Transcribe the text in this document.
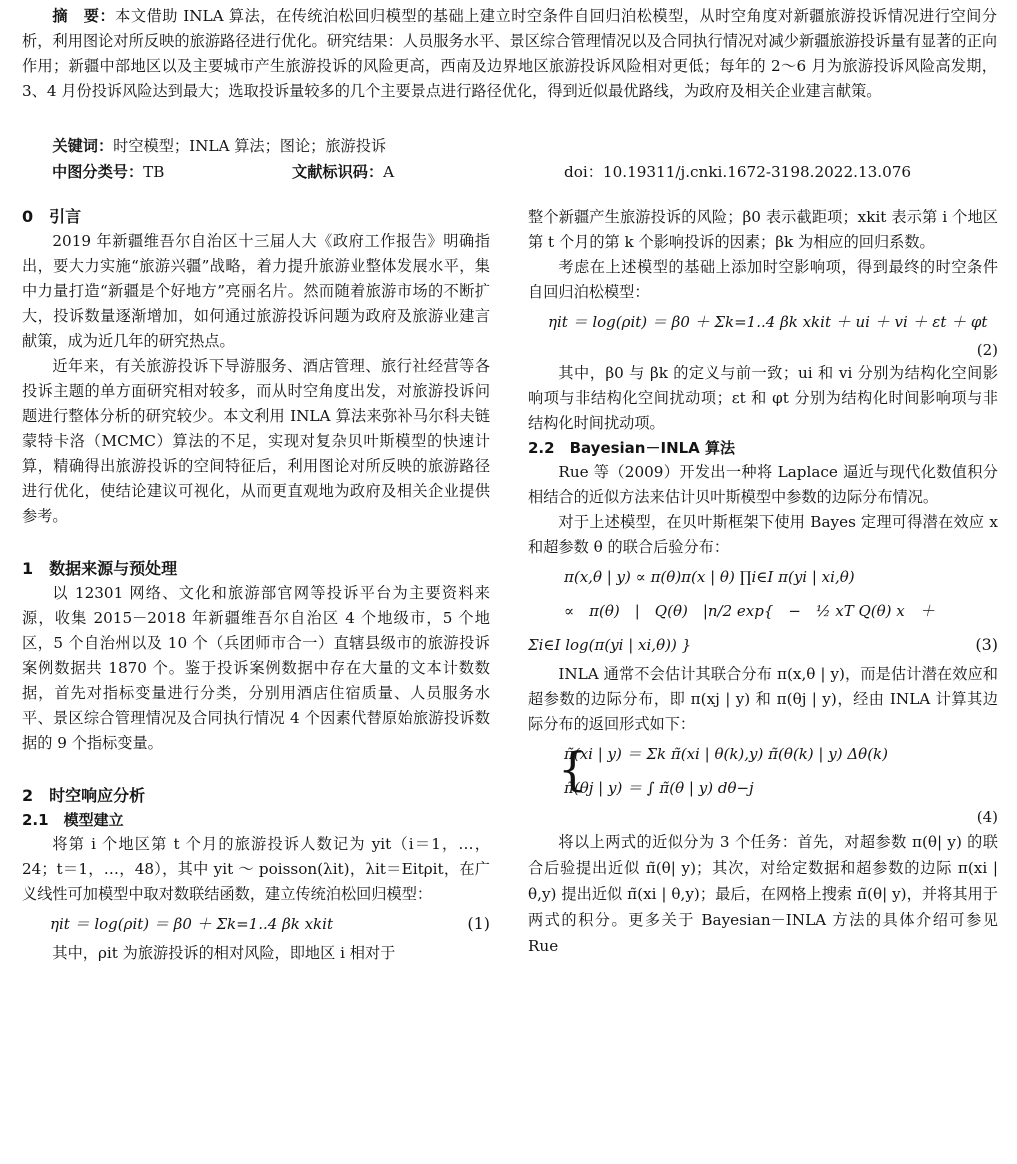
摘　要：本文借助 INLA 算法，在传统泊松回归模型的基础上建立时空条件自回归泊松模型，从时空角度对新疆旅游投诉情况进行空间分析，利用图论对所反映的旅游路径进行优化。研究结果：人员服务水平、景区综合管理情况以及合同执行情况对减少新疆旅游投诉量有显著的正向作用；新疆中部地区以及主要城市产生旅游投诉的风险更高，西南及边界地区旅游投诉风险相对更低；每年的 2～6 月为旅游投诉风险高发期，3、4 月份投诉风险达到最大；选取投诉量较多的几个主要景点进行路径优化，得到近似最优路线，为政府及相关企业建言献策。
关键词：时空模型；INLA 算法；图论；旅游投诉
中图分类号：TB	文献标识码：A	doi：10.19311/j.cnki.1672-3198.2022.13.076
0　引言
2019 年新疆维吾尔自治区十三届人大《政府工作报告》明确指出，要大力实施“旅游兴疆”战略，着力提升旅游业整体发展水平，集中力量打造“新疆是个好地方”亮丽名片。然而随着旅游市场的不断扩大，投诉数量逐渐增加，如何通过旅游投诉问题为政府及旅游业建言献策，成为近几年的研究热点。
近年来，有关旅游投诉下导游服务、酒店管理、旅行社经营等各投诉主题的单方面研究相对较多，而从时空角度出发，对旅游投诉问题进行整体分析的研究较少。本文利用 INLA 算法来弥补马尔科夫链蒙特卡洛（MCMC）算法的不足，实现对复杂贝叶斯模型的快速计算，精确得出旅游投诉的空间特征后，利用图论对所反映的旅游路径进行优化，使结论建议可视化，从而更直观地为政府及相关企业提供参考。
1　数据来源与预处理
以 12301 网络、文化和旅游部官网等投诉平台为主要资料来源，收集 2015－2018 年新疆维吾尔自治区 4 个地级市，5 个地区，5 个自治州以及 10 个（兵团师市合一）直辖县级市的旅游投诉案例数据共 1870 个。鉴于投诉案例数据中存在大量的文本计数数据，首先对指标变量进行分类，分别用酒店住宿质量、人员服务水平、景区综合管理情况及合同执行情况 4 个因素代替原始旅游投诉数据的 9 个指标变量。
2　时空响应分析
2.1　模型建立
将第 i 个地区第 t 个月的旅游投诉人数记为 yit（i＝1，…，24；t＝1，…，48），其中 yit ～ poisson(λit)，λit＝Eitρit，在广义线性可加模型中取对数联结函数，建立传统泊松回归模型：
ηit ＝ log(ρit) ＝ β0 ＋ Σk=1..4 βk xkit	(1)
其中，ρit 为旅游投诉的相对风险，即地区 i 相对于
整个新疆产生旅游投诉的风险；β0 表示截距项；xkit 表示第 i 个地区第 t 个月的第 k 个影响投诉的因素；βk 为相应的回归系数。
考虑在上述模型的基础上添加时空影响项，得到最终的时空条件自回归泊松模型：
ηit ＝ log(ρit) ＝ β0 ＋ Σk=1..4 βk xkit ＋ ui ＋ vi ＋ εt ＋ φt
(2)
其中，β0 与 βk 的定义与前一致；ui 和 vi 分别为结构化空间影响项与非结构化空间扰动项；εt 和 φt 分别为结构化时间影响项与非结构化时间扰动项。
2.2　Bayesian－INLA 算法
Rue 等（2009）开发出一种将 Laplace 逼近与现代化数值积分相结合的近似方法来估计贝叶斯模型中参数的边际分布情况。
对于上述模型，在贝叶斯框架下使用 Bayes 定理可得潜在效应 x 和超参数 θ 的联合后验分布：
π(x,θ | y) ∝ π(θ)π(x | θ) ∏i∈I π(yi | xi,θ)
∝　π(θ)　|　Q(θ)　|n/2 exp{　−　½ xT Q(θ) x　＋
Σi∈I log(π(yi | xi,θ)) }	(3)
INLA 通常不会估计其联合分布 π(x,θ | y)，而是估计潜在效应和超参数的边际分布，即 π(xj | y) 和 π(θj | y)，经由 INLA 计算其边际分布的返回形式如下：
{
π̃(xi | y) ＝ Σk π̃(xi | θ(k),y) π̃(θ(k) | y) Δθ(k)
π̃(θj | y) ＝ ∫ π̃(θ | y) dθ−j
(4)
将以上两式的近似分为 3 个任务：首先，对超参数 π(θ| y) 的联合后验提出近似 π̃(θ| y)；其次，对给定数据和超参数的边际 π(xi | θ,y) 提出近似 π̃(xi | θ,y)；最后，在网格上搜索 π̃(θ| y)，并将其用于两式的积分。更多关于 Bayesian－INLA 方法的具体介绍可参见 Rue
